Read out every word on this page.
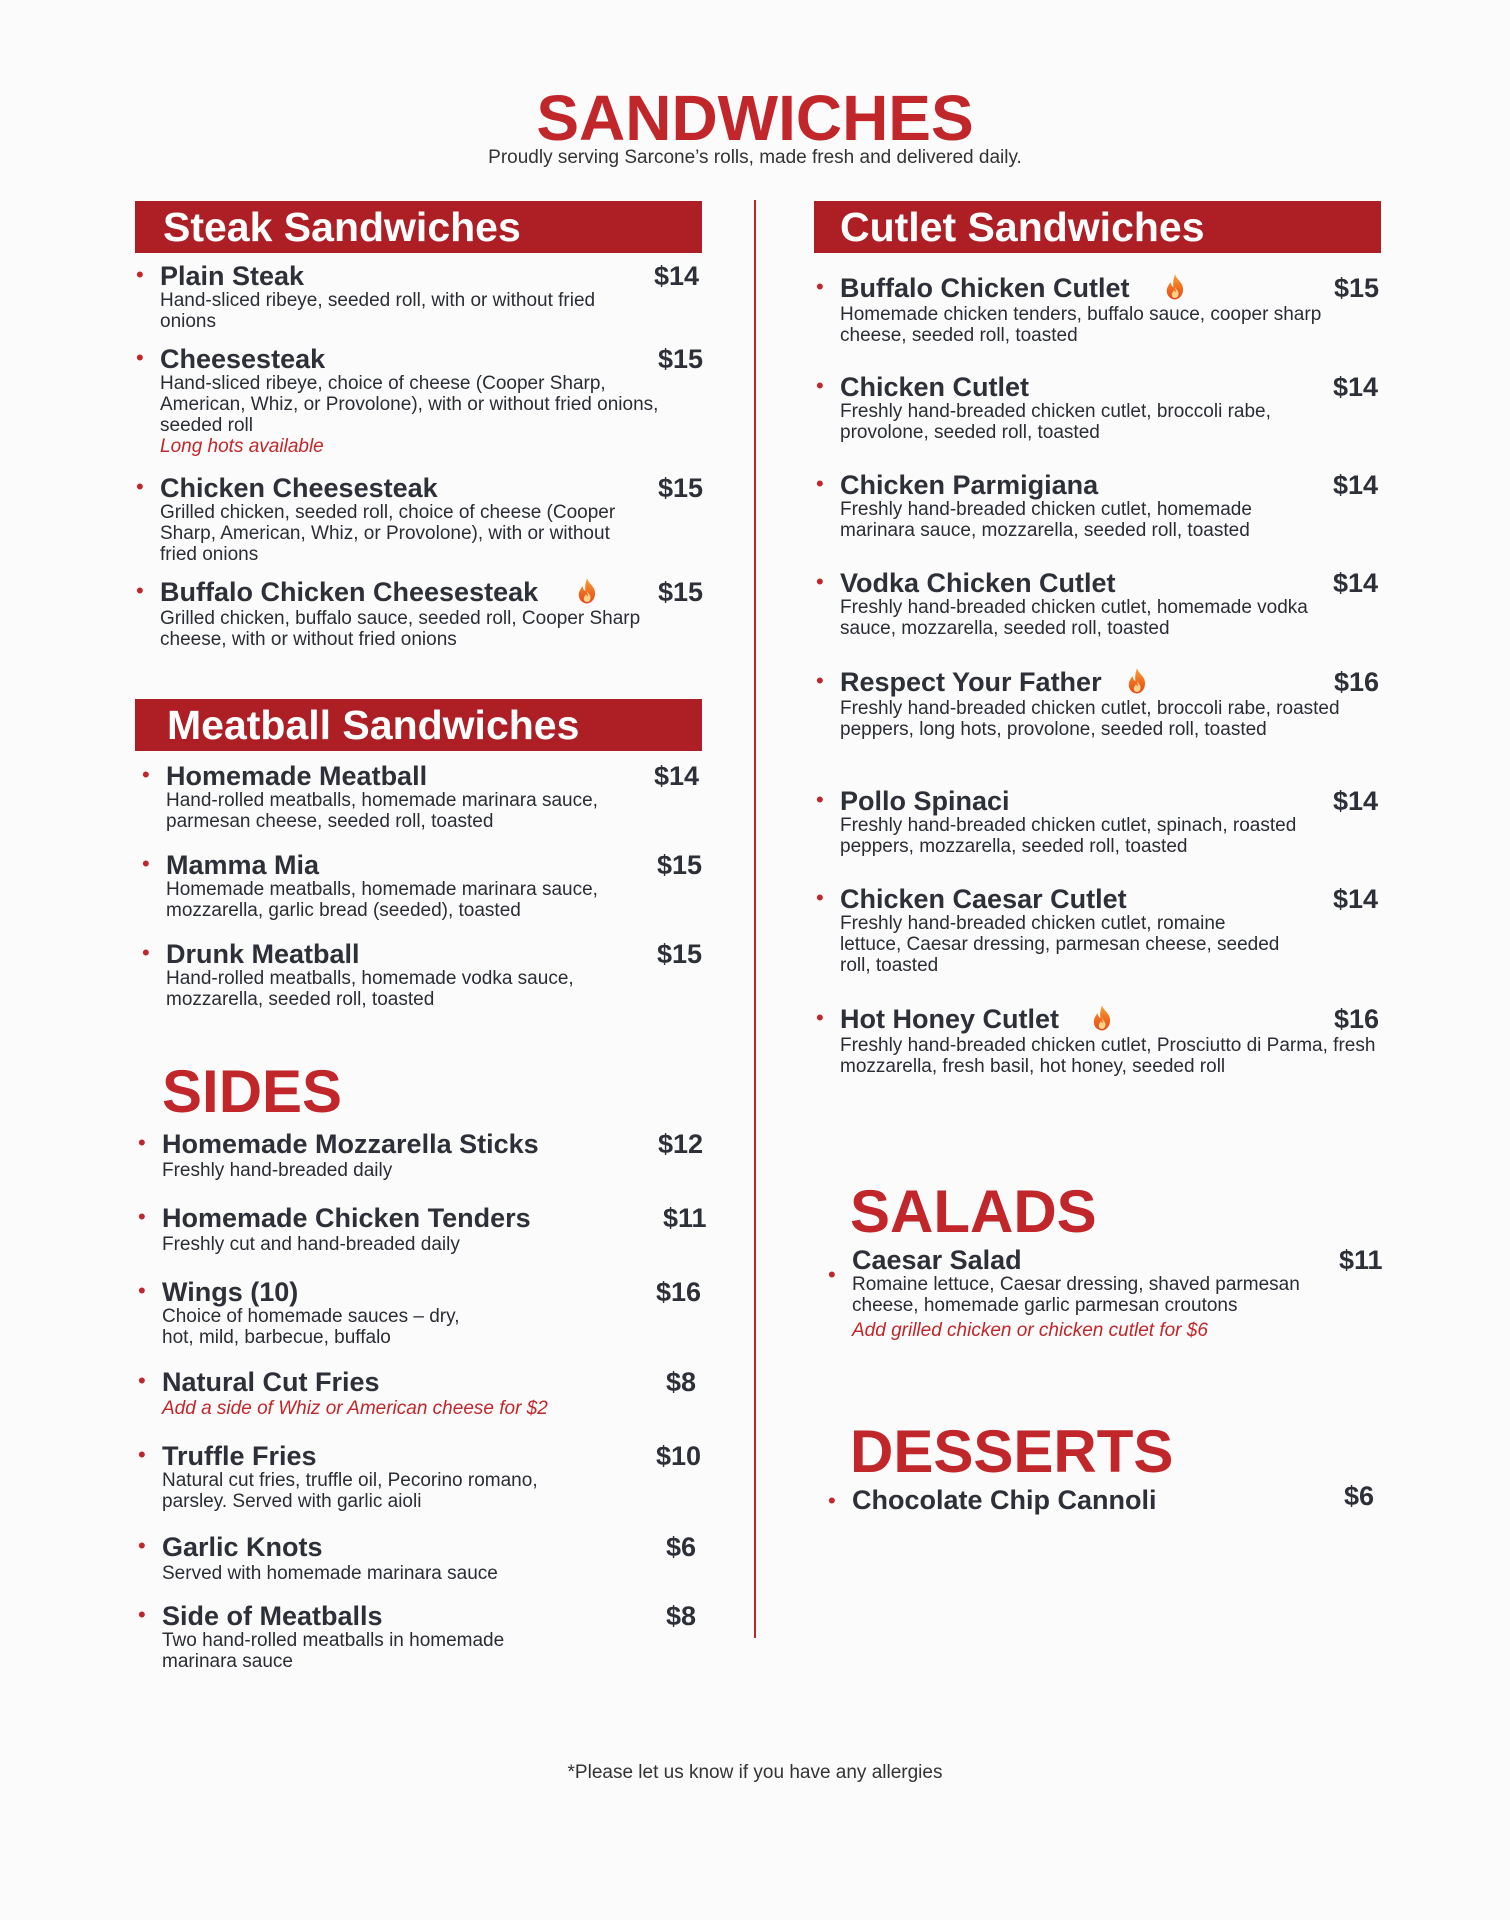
SANDWICHES
Proudly serving Sarcone’s rolls, made fresh and delivered daily.
Steak Sandwiches
• Plain Steak	$14
Hand-sliced ribeye, seeded roll, with or without fried onions
• Cheesesteak	$15
Hand-sliced ribeye, choice of cheese (Cooper Sharp, American, Whiz, or Provolone), with or without fried onions, seeded roll
Long hots available
• Chicken Cheesesteak	$15
Grilled chicken, seeded roll, choice of cheese (Cooper Sharp, American, Whiz, or Provolone), with or without fried onions
• Buffalo Chicken Cheesesteak	$15
Grilled chicken, buffalo sauce, seeded roll, Cooper Sharp cheese, with or without fried onions
Meatball Sandwiches
• Homemade Meatball	$14
Hand-rolled meatballs, homemade marinara sauce, parmesan cheese, seeded roll, toasted
• Mamma Mia	$15
Homemade meatballs, homemade marinara sauce, mozzarella, garlic bread (seeded), toasted
• Drunk Meatball	$15
Hand-rolled meatballs, homemade vodka sauce, mozzarella, seeded roll, toasted
SIDES
• Homemade Mozzarella Sticks	$12
Freshly hand-breaded daily
• Homemade Chicken Tenders	$11
Freshly cut and hand-breaded daily
• Wings (10)	$16
Choice of homemade sauces – dry, hot, mild, barbecue, buffalo
• Natural Cut Fries	$8
Add a side of Whiz or American cheese for $2
• Truffle Fries	$10
Natural cut fries, truffle oil, Pecorino romano, parsley. Served with garlic aioli
• Garlic Knots	$6
Served with homemade marinara sauce
• Side of Meatballs	$8
Two hand-rolled meatballs in homemade marinara sauce
Cutlet Sandwiches
• Buffalo Chicken Cutlet	$15
Homemade chicken tenders, buffalo sauce, cooper sharp cheese, seeded roll, toasted
• Chicken Cutlet	$14
Freshly hand-breaded chicken cutlet, broccoli rabe, provolone, seeded roll, toasted
• Chicken Parmigiana	$14
Freshly hand-breaded chicken cutlet, homemade marinara sauce, mozzarella, seeded roll, toasted
• Vodka Chicken Cutlet	$14
Freshly hand-breaded chicken cutlet, homemade vodka sauce, mozzarella, seeded roll, toasted
• Respect Your Father	$16
Freshly hand-breaded chicken cutlet, broccoli rabe, roasted peppers, long hots, provolone, seeded roll, toasted
• Pollo Spinaci	$14
Freshly hand-breaded chicken cutlet, spinach, roasted peppers, mozzarella, seeded roll, toasted
• Chicken Caesar Cutlet	$14
Freshly hand-breaded chicken cutlet, romaine lettuce, Caesar dressing, parmesan cheese, seeded roll, toasted
• Hot Honey Cutlet	$16
Freshly hand-breaded chicken cutlet, Prosciutto di Parma, fresh mozzarella, fresh basil, hot honey, seeded roll
SALADS
• Caesar Salad	$11
Romaine lettuce, Caesar dressing, shaved parmesan cheese, homemade garlic parmesan croutons
Add grilled chicken or chicken cutlet for $6
DESSERTS
• Chocolate Chip Cannoli	$6
*Please let us know if you have any allergies
